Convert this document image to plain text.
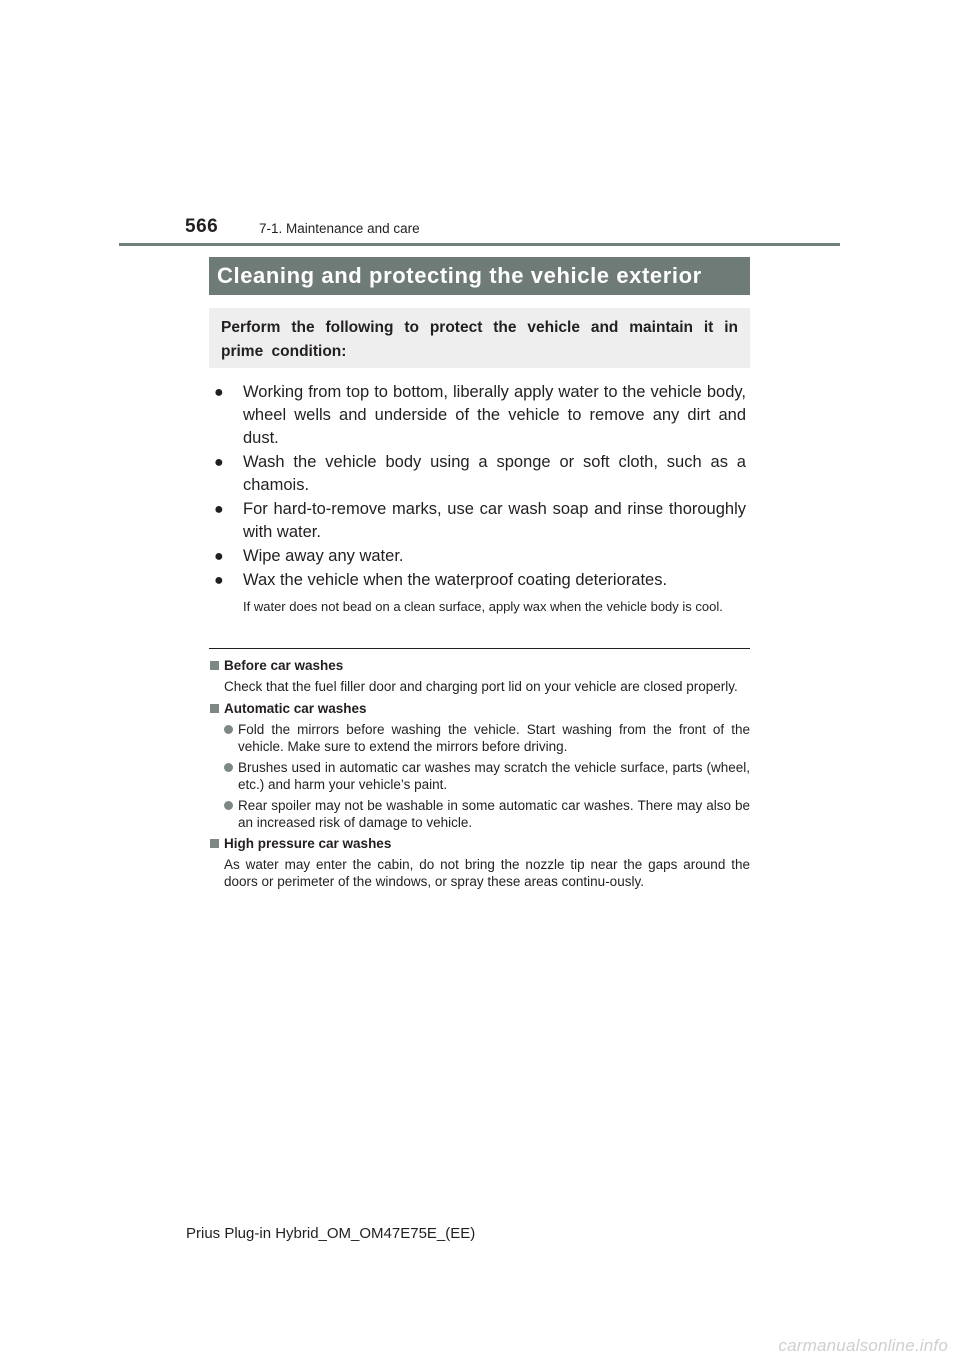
566	7-1. Maintenance and care
Cleaning and protecting the vehicle exterior
Perform the following to protect the vehicle and maintain it in prime condition:
● Working from top to bottom, liberally apply water to the vehicle body, wheel wells and underside of the vehicle to remove any dirt and dust.
● Wash the vehicle body using a sponge or soft cloth, such as a chamois.
● For hard-to-remove marks, use car wash soap and rinse thoroughly with water.
● Wipe away any water.
● Wax the vehicle when the waterproof coating deteriorates.
If water does not bead on a clean surface, apply wax when the vehicle body is cool.
Before car washes
Check that the fuel filler door and charging port lid on your vehicle are closed properly.
Automatic car washes
Fold the mirrors before washing the vehicle. Start washing from the front of the vehicle. Make sure to extend the mirrors before driving.
Brushes used in automatic car washes may scratch the vehicle surface, parts (wheel, etc.) and harm your vehicle’s paint.
Rear spoiler may not be washable in some automatic car washes. There may also be an increased risk of damage to vehicle.
High pressure car washes
As water may enter the cabin, do not bring the nozzle tip near the gaps around the doors or perimeter of the windows, or spray these areas continu-ously.
Prius Plug-in Hybrid_OM_OM47E75E_(EE)
carmanualsonline.info
